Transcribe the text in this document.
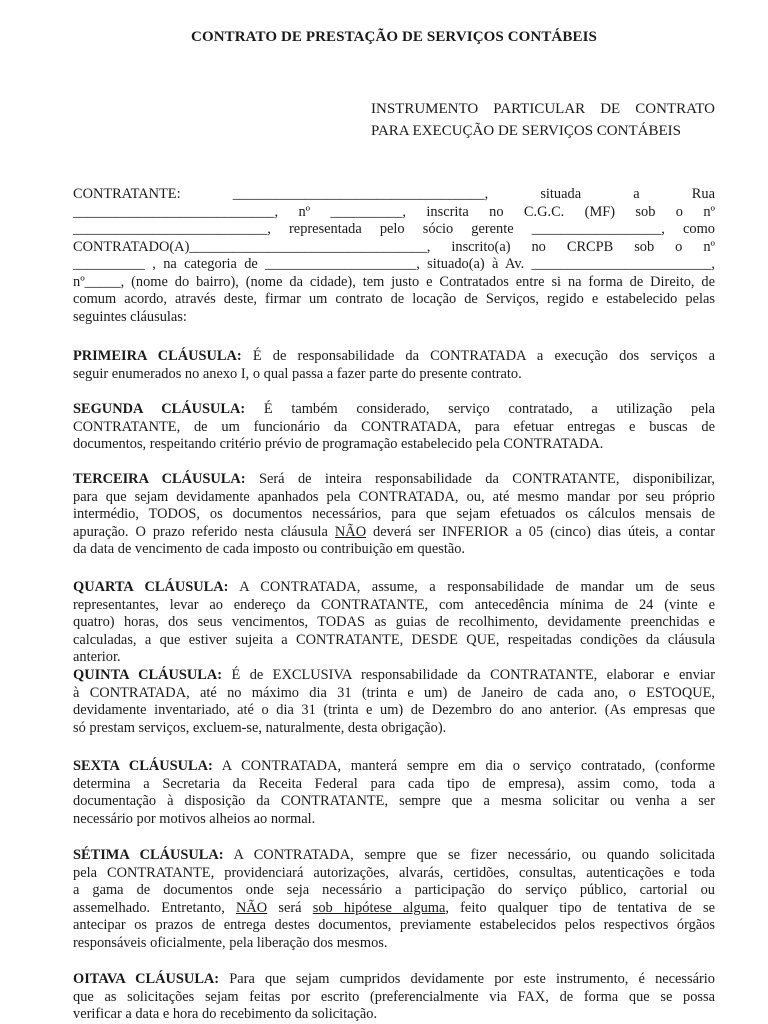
CONTRATO DE PRESTAÇÃO DE SERVIÇOS CONTÁBEIS
INSTRUMENTO PARTICULAR DE CONTRATO
PARA EXECUÇÃO DE SERVIÇOS CONTÁBEIS
CONTRATANTE: ___________________________________, situada a Rua
____________________________, nº __________, inscrita no C.G.C. (MF) sob o nº
___________________________, representada pelo sócio gerente __________________, como
CONTRATADO(A)_________________________________, inscrito(a) no CRCPB sob o nº
__________ , na categoria de _____________________, situado(a) à Av. _________________________,
nº_____, (nome do bairro), (nome da cidade), tem justo e Contratados entre si na forma de Direito, de
comum acordo, através deste, firmar um contrato de locação de Serviços, regido e estabelecido pelas
seguintes cláusulas:
PRIMEIRA CLÁUSULA: É de responsabilidade da CONTRATADA a execução dos serviços a
seguir enumerados no anexo I, o qual passa a fazer parte do presente contrato.
SEGUNDA CLÁUSULA: É também considerado, serviço contratado, a utilização pela
CONTRATANTE, de um funcionário da CONTRATADA, para efetuar entregas e buscas de
documentos, respeitando critério prévio de programação estabelecido pela CONTRATADA.
TERCEIRA CLÁUSULA: Será de inteira responsabilidade da CONTRATANTE, disponibilizar,
para que sejam devidamente apanhados pela CONTRATADA, ou, até mesmo mandar por seu próprio
intermédio, TODOS, os documentos necessários, para que sejam efetuados os cálculos mensais de
apuração. O prazo referido nesta cláusula NÃO deverá ser INFERIOR a 05 (cinco) dias úteis, a contar
da data de vencimento de cada imposto ou contribuição em questão.
QUARTA CLÁUSULA: A CONTRATADA, assume, a responsabilidade de mandar um de seus
representantes, levar ao endereço da CONTRATANTE, com antecedência mínima de 24 (vinte e
quatro) horas, dos seus vencimentos, TODAS as guias de recolhimento, devidamente preenchidas e
calculadas, a que estiver sujeita a CONTRATANTE, DESDE QUE, respeitadas condições da cláusula
anterior.
QUINTA CLÁUSULA: É de EXCLUSIVA responsabilidade da CONTRATANTE, elaborar e enviar
à CONTRATADA, até no máximo dia 31 (trinta e um) de Janeiro de cada ano, o ESTOQUE,
devidamente inventariado, até o dia 31 (trinta e um) de Dezembro do ano anterior. (As empresas que
só prestam serviços, excluem-se, naturalmente, desta obrigação).
SEXTA CLÁUSULA: A CONTRATADA, manterá sempre em dia o serviço contratado, (conforme
determina a Secretaria da Receita Federal para cada tipo de empresa), assim como, toda a
documentação à disposição da CONTRATANTE, sempre que a mesma solicitar ou venha a ser
necessário por motivos alheios ao normal.
SÉTIMA CLÁUSULA: A CONTRATADA, sempre que se fizer necessário, ou quando solicitada
pela CONTRATANTE, providenciará autorizações, alvarás, certidões, consultas, autenticações e toda
a gama de documentos onde seja necessário a participação do serviço público, cartorial ou
assemelhado. Entretanto, NÃO será sob hipótese alguma, feito qualquer tipo de tentativa de se
antecipar os prazos de entrega destes documentos, previamente estabelecidos pelos respectivos órgãos
responsáveis oficialmente, pela liberação dos mesmos.
OITAVA CLÁUSULA: Para que sejam cumpridos devidamente por este instrumento, é necessário
que as solicitações sejam feitas por escrito (preferencialmente via FAX, de forma que se possa
verificar a data e hora do recebimento da solicitação.
